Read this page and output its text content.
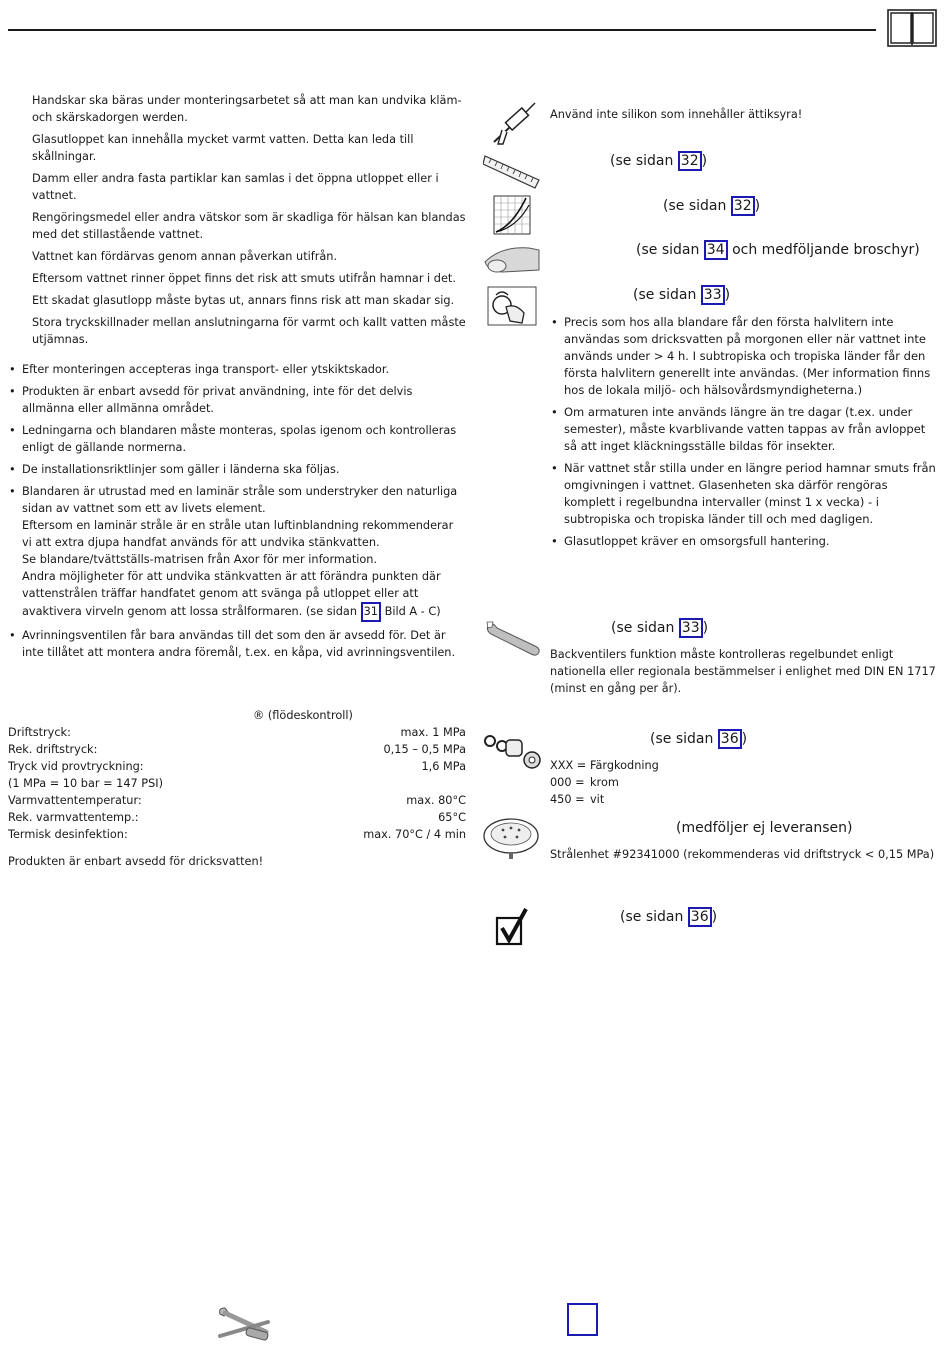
Handskar ska bäras under monteringsarbetet så att man kan undvika kläm- och skärskadorgen werden.

Glasutloppet kan innehålla mycket varmt vatten. Detta kan leda till skållningar.

Damm eller andra fasta partiklar kan samlas i det öppna utloppet eller i vattnet.

Rengöringsmedel eller andra vätskor som är skadliga för hälsan kan blandas med det stillastående vattnet.

Vattnet kan fördärvas genom annan påverkan utifrån.

Eftersom vattnet rinner öppet finns det risk att smuts utifrån hamnar i det.

Ett skadat glasutlopp måste bytas ut, annars finns risk att man skadar sig.

Stora tryckskillnader mellan anslutningarna för varmt och kallt vatten måste utjämnas.

• Efter monteringen accepteras inga transport- eller ytskiktskador.
• Produkten är enbart avsedd för privat användning, inte för det delvis allmänna eller allmänna området.
• Ledningarna och blandaren måste monteras, spolas igenom och kontrolleras enligt de gällande normerna.
• De installationsriktlinjer som gäller i länderna ska följas.
• Blandaren är utrustad med en laminär stråle som understryker den naturliga sidan av vattnet som ett av livets element.
Eftersom en laminär stråle är en stråle utan luftinblandning rekommenderar vi att extra djupa handfat används för att undvika stänkvatten.
Se blandare/tvättställs-matrisen från Axor för mer information.
Andra möjligheter för att undvika stänkvatten är att förändra punkten där vattenstrålen träffar handfatet genom att svänga på utloppet eller att avaktivera virveln genom att lossa strålformaren. (se sidan 31 Bild A - C)
• Avrinningsventilen får bara användas till det som den är avsedd för. Det är inte tillåtet att montera andra föremål, t.ex. en kåpa, vid avrinningsventilen.
® (flödeskontroll)
Driftstryck:	max. 1 MPa
Rek. driftstryck:	0,15 – 0,5 MPa
Tryck vid provtryckning:	1,6 MPa
(1 MPa = 10 bar = 147 PSI)
Varmvattentemperatur:	max. 80°C
Rek. varmvattentemp.:	65°C
Termisk desinfektion:	max. 70°C / 4 min
Produkten är enbart avsedd för dricksvatten!
Använd inte silikon som innehåller ättiksyra!
(se sidan 32 )
(se sidan 32 )
(se sidan 34 och medföljande broschyr)
(se sidan 33 )
• Precis som hos alla blandare får den första halvlitern inte användas som dricksvatten på morgonen eller när vattnet inte används under > 4 h. I subtropiska och tropiska länder får den första halvlitern generellt inte användas. (Mer information finns hos de lokala miljö- och hälsovårdsmyndigheterna.)
• Om armaturen inte används längre än tre dagar (t.ex. under semester), måste kvarblivande vatten tappas av från avloppet så att inget kläckningsställe bildas för insekter.
• När vattnet står stilla under en längre period hamnar smuts från omgivningen i vattnet. Glasenheten ska därför rengöras komplett i regelbundna intervaller (minst 1 x vecka) - i subtropiska och tropiska länder till och med dagligen.
• Glasutloppet kräver en omsorgsfull hantering.
(se sidan 33 )
Backventilers funktion måste kontrolleras regelbundet enligt nationella eller regionala bestämmelser i enlighet med DIN EN 1717 (minst en gång per år).
(se sidan 36 )
XXX = Färgkodning
000 = krom
450 = vit
(medföljer ej leveransen)
Strålenhet #92341000 (rekommenderas vid driftstryck < 0,15 MPa)
(se sidan 36 )
